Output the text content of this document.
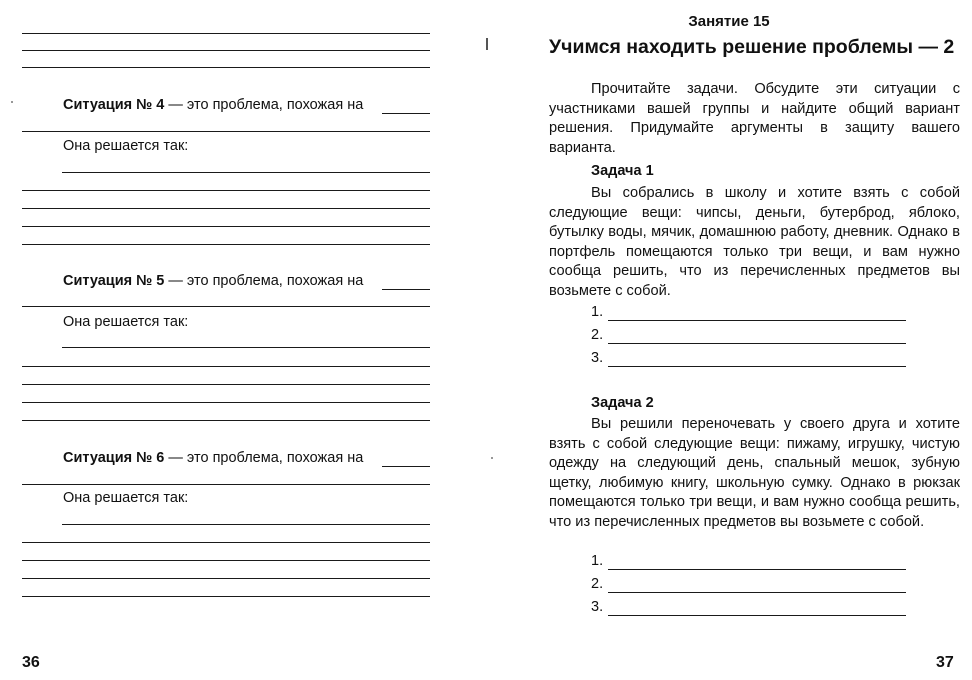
Ситуация № 4 — это проблема, похожая на
Она решается так:
Ситуация № 5 — это проблема, похожая на
Она решается так:
Ситуация № 6 — это проблема, похожая на
Она решается так:
36
Занятие 15
Учимся находить решение проблемы — 2

Прочитайте задачи. Обсудите эти ситуации с участниками вашей группы и найдите общий вариант решения. Придумайте аргументы в защиту вашего варианта.

Задача 1

Вы собрались в школу и хотите взять с собой следующие вещи: чипсы, деньги, бутерброд, яблоко, бутылку воды, мячик, домашнюю работу, дневник. Однако в портфель помещаются только три вещи, и вам нужно сообща решить, что из перечисленных предметов вы возьмете с собой.

1.
2.
3.
Задача 2

Вы решили переночевать у своего друга и хотите взять с собой следующие вещи: пижаму, игрушку, чистую одежду на следующий день, спальный мешок, зубную щетку, любимую книгу, школьную сумку. Однако в рюкзак помещаются только три вещи, и вам нужно сообща решить, что из перечисленных предметов вы возьмете с собой.

1.
2.
3.
37
